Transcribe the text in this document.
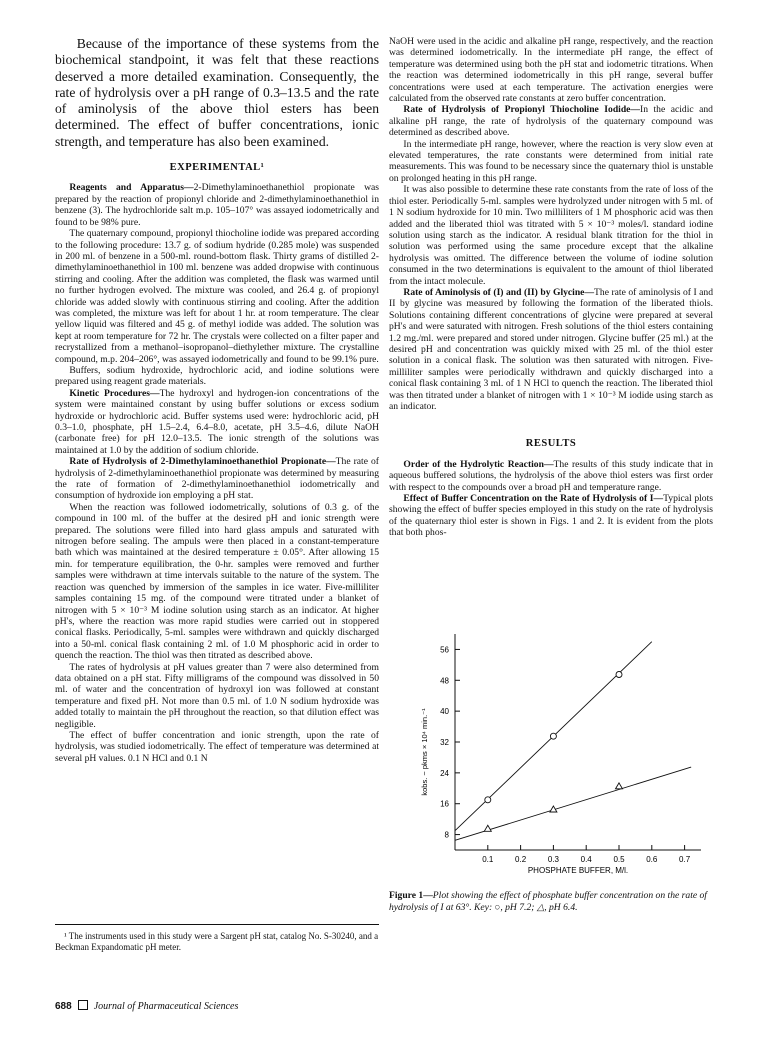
Because of the importance of these systems from the biochemical standpoint, it was felt that these reactions deserved a more detailed examination. Consequently, the rate of hydrolysis over a pH range of 0.3–13.5 and the rate of aminolysis of the above thiol esters has been determined. The effect of buffer concentrations, ionic strength, and temperature has also been examined.

EXPERIMENTAL¹

Reagents and Apparatus—2-Dimethylaminoethanethiol propionate was prepared by the reaction of propionyl chloride and 2-dimethylaminoethanethiol in benzene (3). The hydrochloride salt m.p. 105–107° was assayed iodometrically and found to be 98% pure.

The quaternary compound, propionyl thiocholine iodide was prepared according to the following procedure: 13.7 g. of sodium hydride (0.285 mole) was suspended in 200 ml. of benzene in a 500-ml. round-bottom flask. Thirty grams of distilled 2-dimethylaminoethanethiol in 100 ml. benzene was added dropwise with continuous stirring and cooling. After the addition was completed, the flask was warmed until no further hydrogen evolved. The mixture was cooled, and 26.4 g. of propionyl chloride was added slowly with continuous stirring and cooling. After the addition was completed, the mixture was left for about 1 hr. at room temperature. The clear yellow liquid was filtered and 45 g. of methyl iodide was added. The solution was kept at room temperature for 72 hr. The crystals were collected on a filter paper and recrystallized from a methanol–isopropanol–diethylether mixture. The crystalline compound, m.p. 204–206°, was assayed iodometrically and found to be 99.1% pure.

Buffers, sodium hydroxide, hydrochloric acid, and iodine solutions were prepared using reagent grade materials.

Kinetic Procedures—The hydroxyl and hydrogen-ion concentrations of the system were maintained constant by using buffer solutions or excess sodium hydroxide or hydrochloric acid. Buffer systems used were: hydrochloric acid, pH 0.3–1.0, phosphate, pH 1.5–2.4, 6.4–8.0, acetate, pH 3.5–4.6, dilute NaOH (carbonate free) for pH 12.0–13.5. The ionic strength of the solutions was maintained at 1.0 by the addition of sodium chloride.

Rate of Hydrolysis of 2-Dimethylaminoethanethiol Propionate—The rate of hydrolysis of 2-dimethylaminoethanethiol propionate was determined by measuring the rate of formation of 2-dimethylaminoethanethiol iodometrically and consumption of hydroxide ion employing a pH stat.

When the reaction was followed iodometrically, solutions of 0.3 g. of the compound in 100 ml. of the buffer at the desired pH and ionic strength were prepared. The solutions were filled into hard glass ampuls and saturated with nitrogen before sealing. The ampuls were then placed in a constant-temperature bath which was maintained at the desired temperature ± 0.05°. After allowing 15 min. for temperature equilibration, the 0-hr. samples were removed and further samples were withdrawn at time intervals suitable to the nature of the system. The reaction was quenched by immersion of the samples in ice water. Five-milliliter samples containing 15 mg. of the compound were titrated under a blanket of nitrogen with 5 × 10⁻³ M iodine solution using starch as an indicator. At higher pH's, where the reaction was more rapid studies were carried out in stoppered conical flasks. Periodically, 5-ml. samples were withdrawn and quickly discharged into a 50-ml. conical flask containing 2 ml. of 1.0 M phosphoric acid in order to quench the reaction. The thiol was then titrated as described above.

The rates of hydrolysis at pH values greater than 7 were also determined from data obtained on a pH stat. Fifty milligrams of the compound was dissolved in 50 ml. of water and the concentration of hydroxyl ion was followed at constant temperature and fixed pH. Not more than 0.5 ml. of 1.0 N sodium hydroxide was added totally to maintain the pH throughout the reaction, so that dilution effect was negligible.

The effect of buffer concentration and ionic strength, upon the rate of hydrolysis, was studied iodometrically. The effect of temperature was determined at several pH values. 0.1 N HCl and 0.1 N

¹ The instruments used in this study were a Sargent pH stat, catalog No. S-30240, and a Beckman Expandomatic pH meter.

688 Journal of Pharmaceutical Sciences

NaOH were used in the acidic and alkaline pH range, respectively, and the reaction was determined iodometrically. In the intermediate pH range, the effect of temperature was determined using both the pH stat and iodometric titrations. When the reaction was determined iodometrically in this pH range, several buffer concentrations were used at each temperature. The activation energies were calculated from the observed rate constants at zero buffer concentration.

Rate of Hydrolysis of Propionyl Thiocholine Iodide—In the acidic and alkaline pH range, the rate of hydrolysis of the quaternary compound was determined as described above.

In the intermediate pH range, however, where the reaction is very slow even at elevated temperatures, the rate constants were determined from initial rate measurements. This was found to be necessary since the quaternary thiol is unstable on prolonged heating in this pH range.

It was also possible to determine these rate constants from the rate of loss of the thiol ester. Periodically 5-ml. samples were hydrolyzed under nitrogen with 5 ml. of 1 N sodium hydroxide for 10 min. Two milliliters of 1 M phosphoric acid was then added and the liberated thiol was titrated with 5 × 10⁻³ moles/l. standard iodine solution using starch as the indicator. A residual blank titration for the thiol in solution was performed using the same procedure except that the alkaline hydrolysis was omitted. The difference between the volume of iodine solution consumed in the two determinations is equivalent to the amount of thiol liberated from the intact molecule.

Rate of Aminolysis of (I) and (II) by Glycine—The rate of aminolysis of I and II by glycine was measured by following the formation of the liberated thiols. Solutions containing different concentrations of glycine were prepared at several pH's and were saturated with nitrogen. Fresh solutions of the thiol esters containing 1.2 mg./ml. were prepared and stored under nitrogen. Glycine buffer (25 ml.) at the desired pH and concentration was quickly mixed with 25 ml. of the thiol ester solution in a conical flask. The solution was then saturated with nitrogen. Five-milliliter samples were periodically withdrawn and quickly discharged into a conical flask containing 3 ml. of 1 N HCl to quench the reaction. The liberated thiol was then titrated under a blanket of nitrogen with 1 × 10⁻³ M iodide using starch as an indicator.

RESULTS

Order of the Hydrolytic Reaction—The results of this study indicate that in aqueous buffered solutions, the hydrolysis of the above thiol esters was first order with respect to the compounds over a broad pH and temperature range.

Effect of Buffer Concentration on the Rate of Hydrolysis of I—Typical plots showing the effect of buffer species employed in this study on the rate of hydrolysis of the quaternary thiol ester is shown in Figs. 1 and 2. It is evident from the plots that both phos-

8
16
24
32
40
48
56
0.1	0.2	0.3	0.4	0.5	0.6	0.7
PHOSPHATE BUFFER, M/l.
kobs. − pkms × 10⁴ min.⁻¹
Figure 1—Plot showing the effect of phosphate buffer concentration on the rate of hydrolysis of I at 63°. Key: ○, pH 7.2; △, pH 6.4.
